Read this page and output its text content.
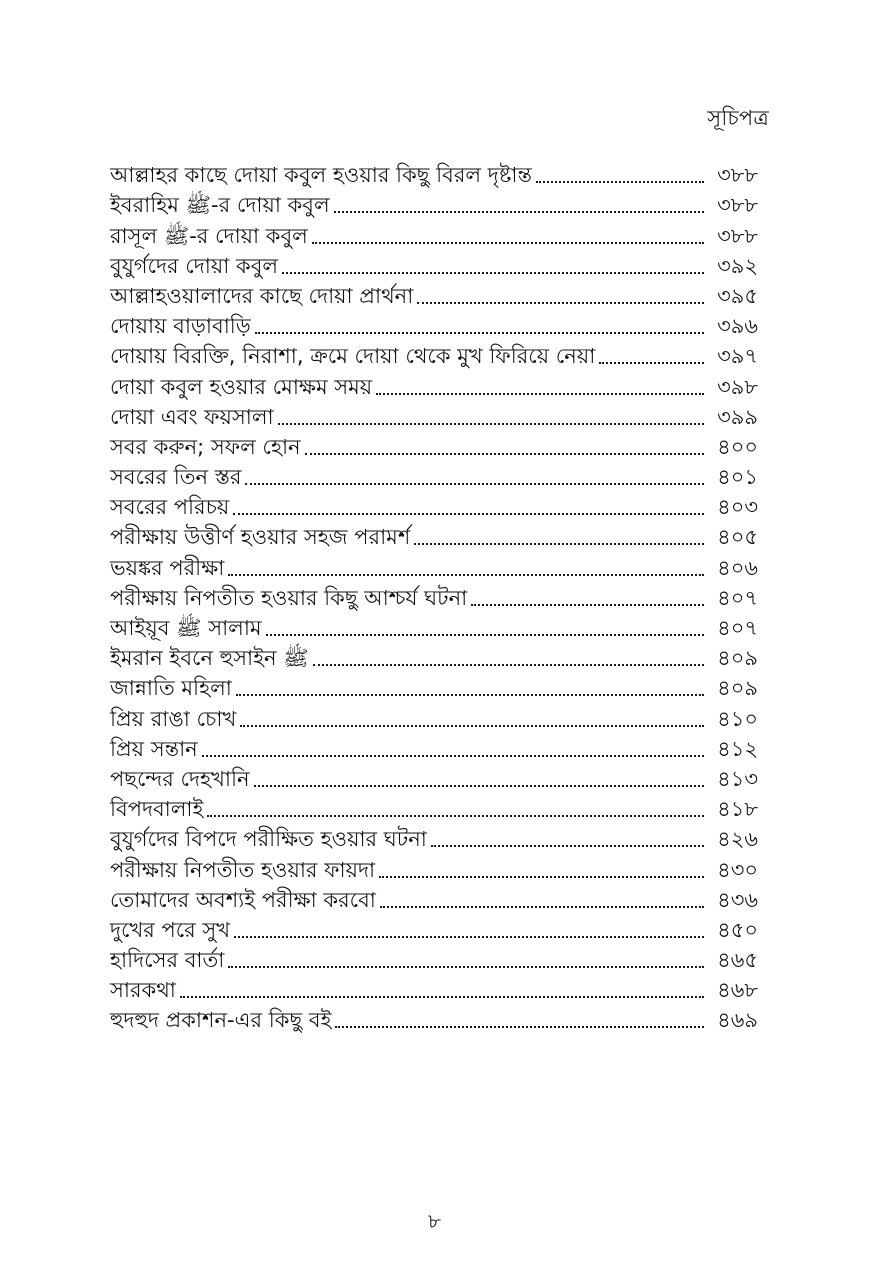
সূচিপত্র
আল্লাহর কাছে দোয়া কবুল হওয়ার কিছু বিরল দৃষ্টান্ত	৩৮৮
ইবরাহিম ﷺ-র দোয়া কবুল	৩৮৮
রাসূল ﷺ-র দোয়া কবুল	৩৮৮
বুযুর্গদের দোয়া কবুল	৩৯২
আল্লাহওয়ালাদের কাছে দোয়া প্রার্থনা	৩৯৫
দোয়ায় বাড়াবাড়ি	৩৯৬
দোয়ায় বিরক্তি, নিরাশা, ক্রমে দোয়া থেকে মুখ ফিরিয়ে নেয়া	৩৯৭
দোয়া কবুল হওয়ার মোক্ষম সময়	৩৯৮
দোয়া এবং ফয়সালা	৩৯৯
সবর করুন; সফল হোন	৪০০
সবরের তিন স্তর	৪০১
সবরের পরিচয়	৪০৩
পরীক্ষায় উত্তীর্ণ হওয়ার সহজ পরামর্শ	৪০৫
ভয়ঙ্কর পরীক্ষা	৪০৬
পরীক্ষায় নিপতীত হওয়ার কিছু আশ্চর্য ঘটনা	৪০৭
আইয়ূব ﷺ সালাম	৪০৭
ইমরান ইবনে হুসাইন ﷺ	৪০৯
জান্নাতি মহিলা	৪০৯
প্রিয় রাঙা চোখ	৪১০
প্রিয় সন্তান	৪১২
পছন্দের দেহখানি	৪১৩
বিপদবালাই	৪১৮
বুযুর্গদের বিপদে পরীক্ষিত হওয়ার ঘটনা	৪২৬
পরীক্ষায় নিপতীত হওয়ার ফায়দা	৪৩০
তোমাদের অবশ্যই পরীক্ষা করবো	৪৩৬
দুখের পরে সুখ	৪৫০
হাদিসের বার্তা	৪৬৫
সারকথা	৪৬৮
হুদহুদ প্রকাশন-এর কিছু বই	৪৬৯
৮
